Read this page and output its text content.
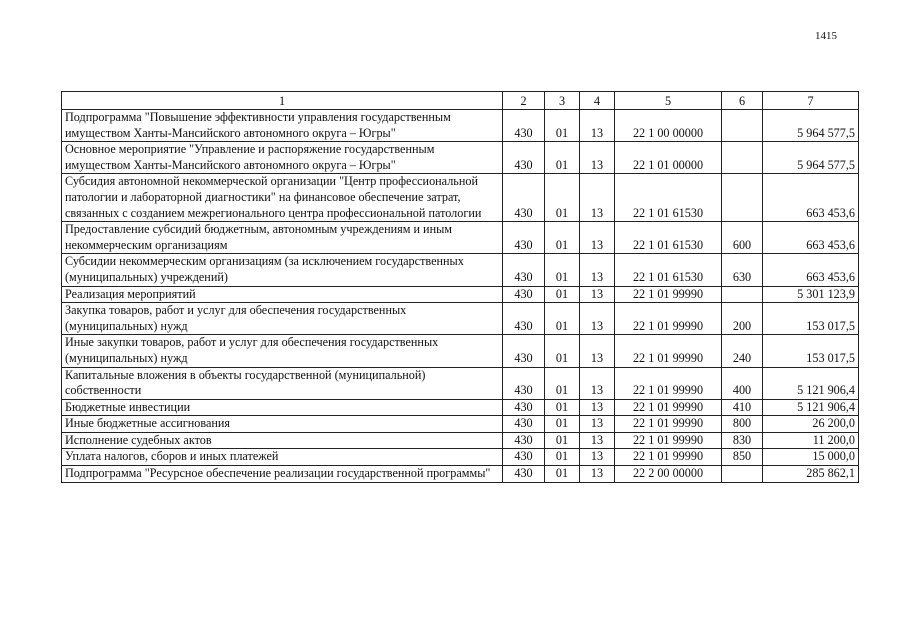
1415
1	2	3	4	5	6	7
Подпрограмма "Повышение эффективности управления государственным имуществом Ханты-Мансийского автономного округа – Югры"	430	01	13	22 1 00 00000		5 964 577,5
Основное мероприятие "Управление и распоряжение государственным имуществом Ханты-Мансийского автономного округа – Югры"	430	01	13	22 1 01 00000		5 964 577,5
Субсидия автономной некоммерческой организации "Центр профессиональной патологии и лабораторной диагностики" на финансовое обеспечение затрат, связанных с созданием межрегионального центра профессиональной патологии	430	01	13	22 1 01 61530		663 453,6
Предоставление субсидий бюджетным, автономным учреждениям и иным некоммерческим организациям	430	01	13	22 1 01 61530	600	663 453,6
Субсидии некоммерческим организациям (за исключением государственных (муниципальных) учреждений)	430	01	13	22 1 01 61530	630	663 453,6
Реализация мероприятий	430	01	13	22 1 01 99990		5 301 123,9
Закупка товаров, работ и услуг для обеспечения государственных (муниципальных) нужд	430	01	13	22 1 01 99990	200	153 017,5
Иные закупки товаров, работ и услуг для обеспечения государственных (муниципальных) нужд	430	01	13	22 1 01 99990	240	153 017,5
Капитальные вложения в объекты государственной (муниципальной) собственности	430	01	13	22 1 01 99990	400	5 121 906,4
Бюджетные инвестиции	430	01	13	22 1 01 99990	410	5 121 906,4
Иные бюджетные ассигнования	430	01	13	22 1 01 99990	800	26 200,0
Исполнение судебных актов	430	01	13	22 1 01 99990	830	11 200,0
Уплата налогов, сборов и иных платежей	430	01	13	22 1 01 99990	850	15 000,0
Подпрограмма "Ресурсное обеспечение реализации государственной программы"	430	01	13	22 2 00 00000		285 862,1
